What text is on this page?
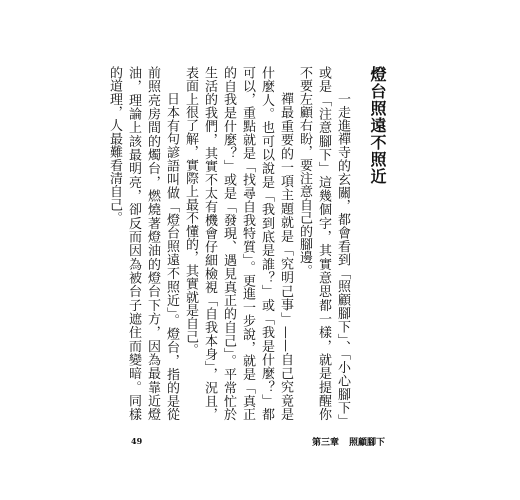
燈台照遠不照近

一走進禪寺的玄關，都會看到「照顧腳下」、「小心腳下」或是「注意腳下」這幾個字，其實意思都一樣，就是提醒你不要左顧右盼，要注意自己的腳邊。

禪最重要的一項主題就是「究明己事」——自己究竟是什麼人。也可以說是「我到底是誰？」或「我是什麼？」都可以，重點就是「找尋自我特質」。更進一步說，就是「真正的自我是什麼？」或是「發現、遇見真正的自己」。平常忙於生活的我們，其實不太有機會仔細檢視「自我本身」，況且，表面上很了解，實際上最不懂的，其實就是自己。

日本有句諺語叫做「燈台照遠不照近」。燈台，指的是從前照亮房間的燭台，燃燒著燈油的燈台下方，因為最靠近燈油，理論上該最明亮，卻反而因為被台子遮住而變暗。同樣的道理，人最難看清自己。

49	第三章 照顧腳下
